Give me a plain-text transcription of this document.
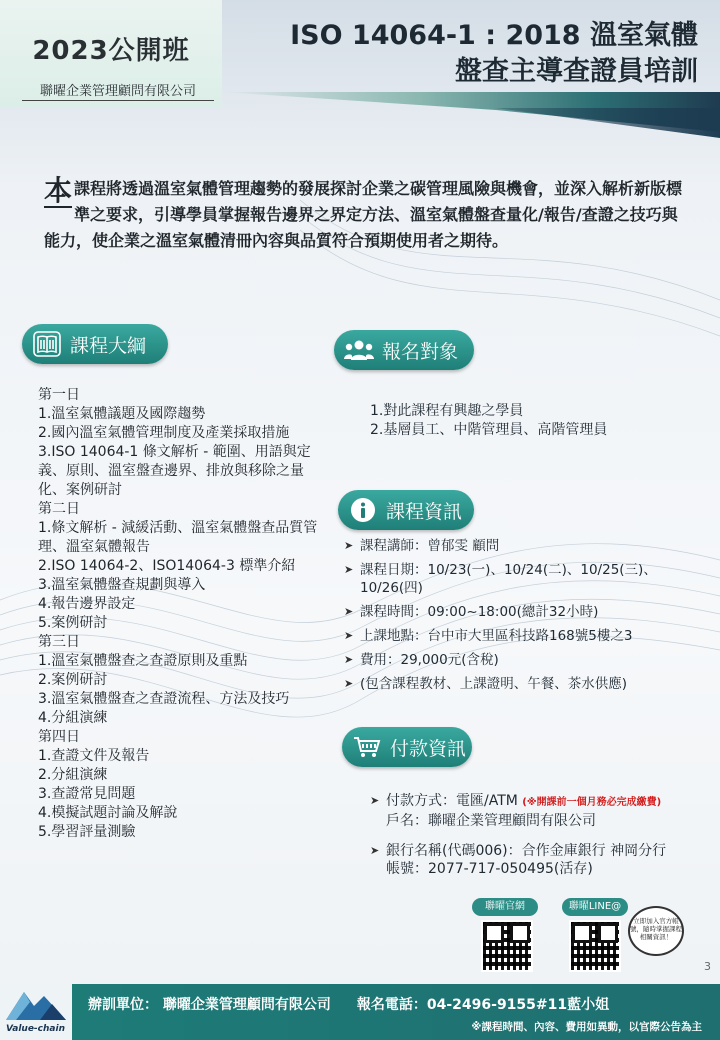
2023公開班
聯曜企業管理顧問有限公司
ISO 14064-1 : 2018 溫室氣體
盤查主導查證員培訓
本 課程將透過溫室氣體管理趨勢的發展探討企業之碳管理風險與機會，並深入解析新版標準之要求，引導學員掌握報告邊界之界定方法、溫室氣體盤查量化/報告/查證之技巧與能力，使企業之溫室氣體清冊內容與品質符合預期使用者之期待。
課程大綱
第一日
1.溫室氣體議題及國際趨勢
2.國內溫室氣體管理制度及產業採取措施
3.ISO 14064-1 條文解析 - 範圍、用語與定義、原則、溫室盤查邊界、排放與移除之量化、案例研討
第二日
1.條文解析 - 減緩活動、溫室氣體盤查品質管理、溫室氣體報告
2.ISO 14064-2、ISO14064-3 標準介紹
3.溫室氣體盤查規劃與導入
4.報告邊界設定
5.案例研討
第三日
1.溫室氣體盤查之查證原則及重點
2.案例研討
3.溫室氣體盤查之查證流程、方法及技巧
4.分組演練
第四日
1.查證文件及報告
2.分組演練
3.查證常見問題
4.模擬試題討論及解說
5.學習評量測驗
報名對象
1.對此課程有興趣之學員
2.基層員工、中階管理員、高階管理員
課程資訊
➤ 課程講師：曾郁雯 顧問
➤ 課程日期：10/23(一)、10/24(二)、10/25(三)、10/26(四)
➤ 課程時間：09:00~18:00(總計32小時)
➤ 上課地點：台中市大里區科技路168號5樓之3
➤ 費用：29,000元(含稅)
➤ (包含課程教材、上課證明、午餐、茶水供應)
付款資訊
➤ 付款方式：電匯/ATM (※開課前一個月務必完成繳費)
戶名：聯曜企業管理顧問有限公司
➤ 銀行名稱(代碼006)：合作金庫銀行 神岡分行
帳號：2077-717-050495(活存)
聯曜官網	聯曜LINE@
立即加入官方帳號，隨時掌握課程相關資訊！
3
Value-chain
辦訓單位： 聯曜企業管理顧問有限公司 報名電話：04-2496-9155#11藍小姐
※課程時間、內容、費用如異動，以官際公告為主
